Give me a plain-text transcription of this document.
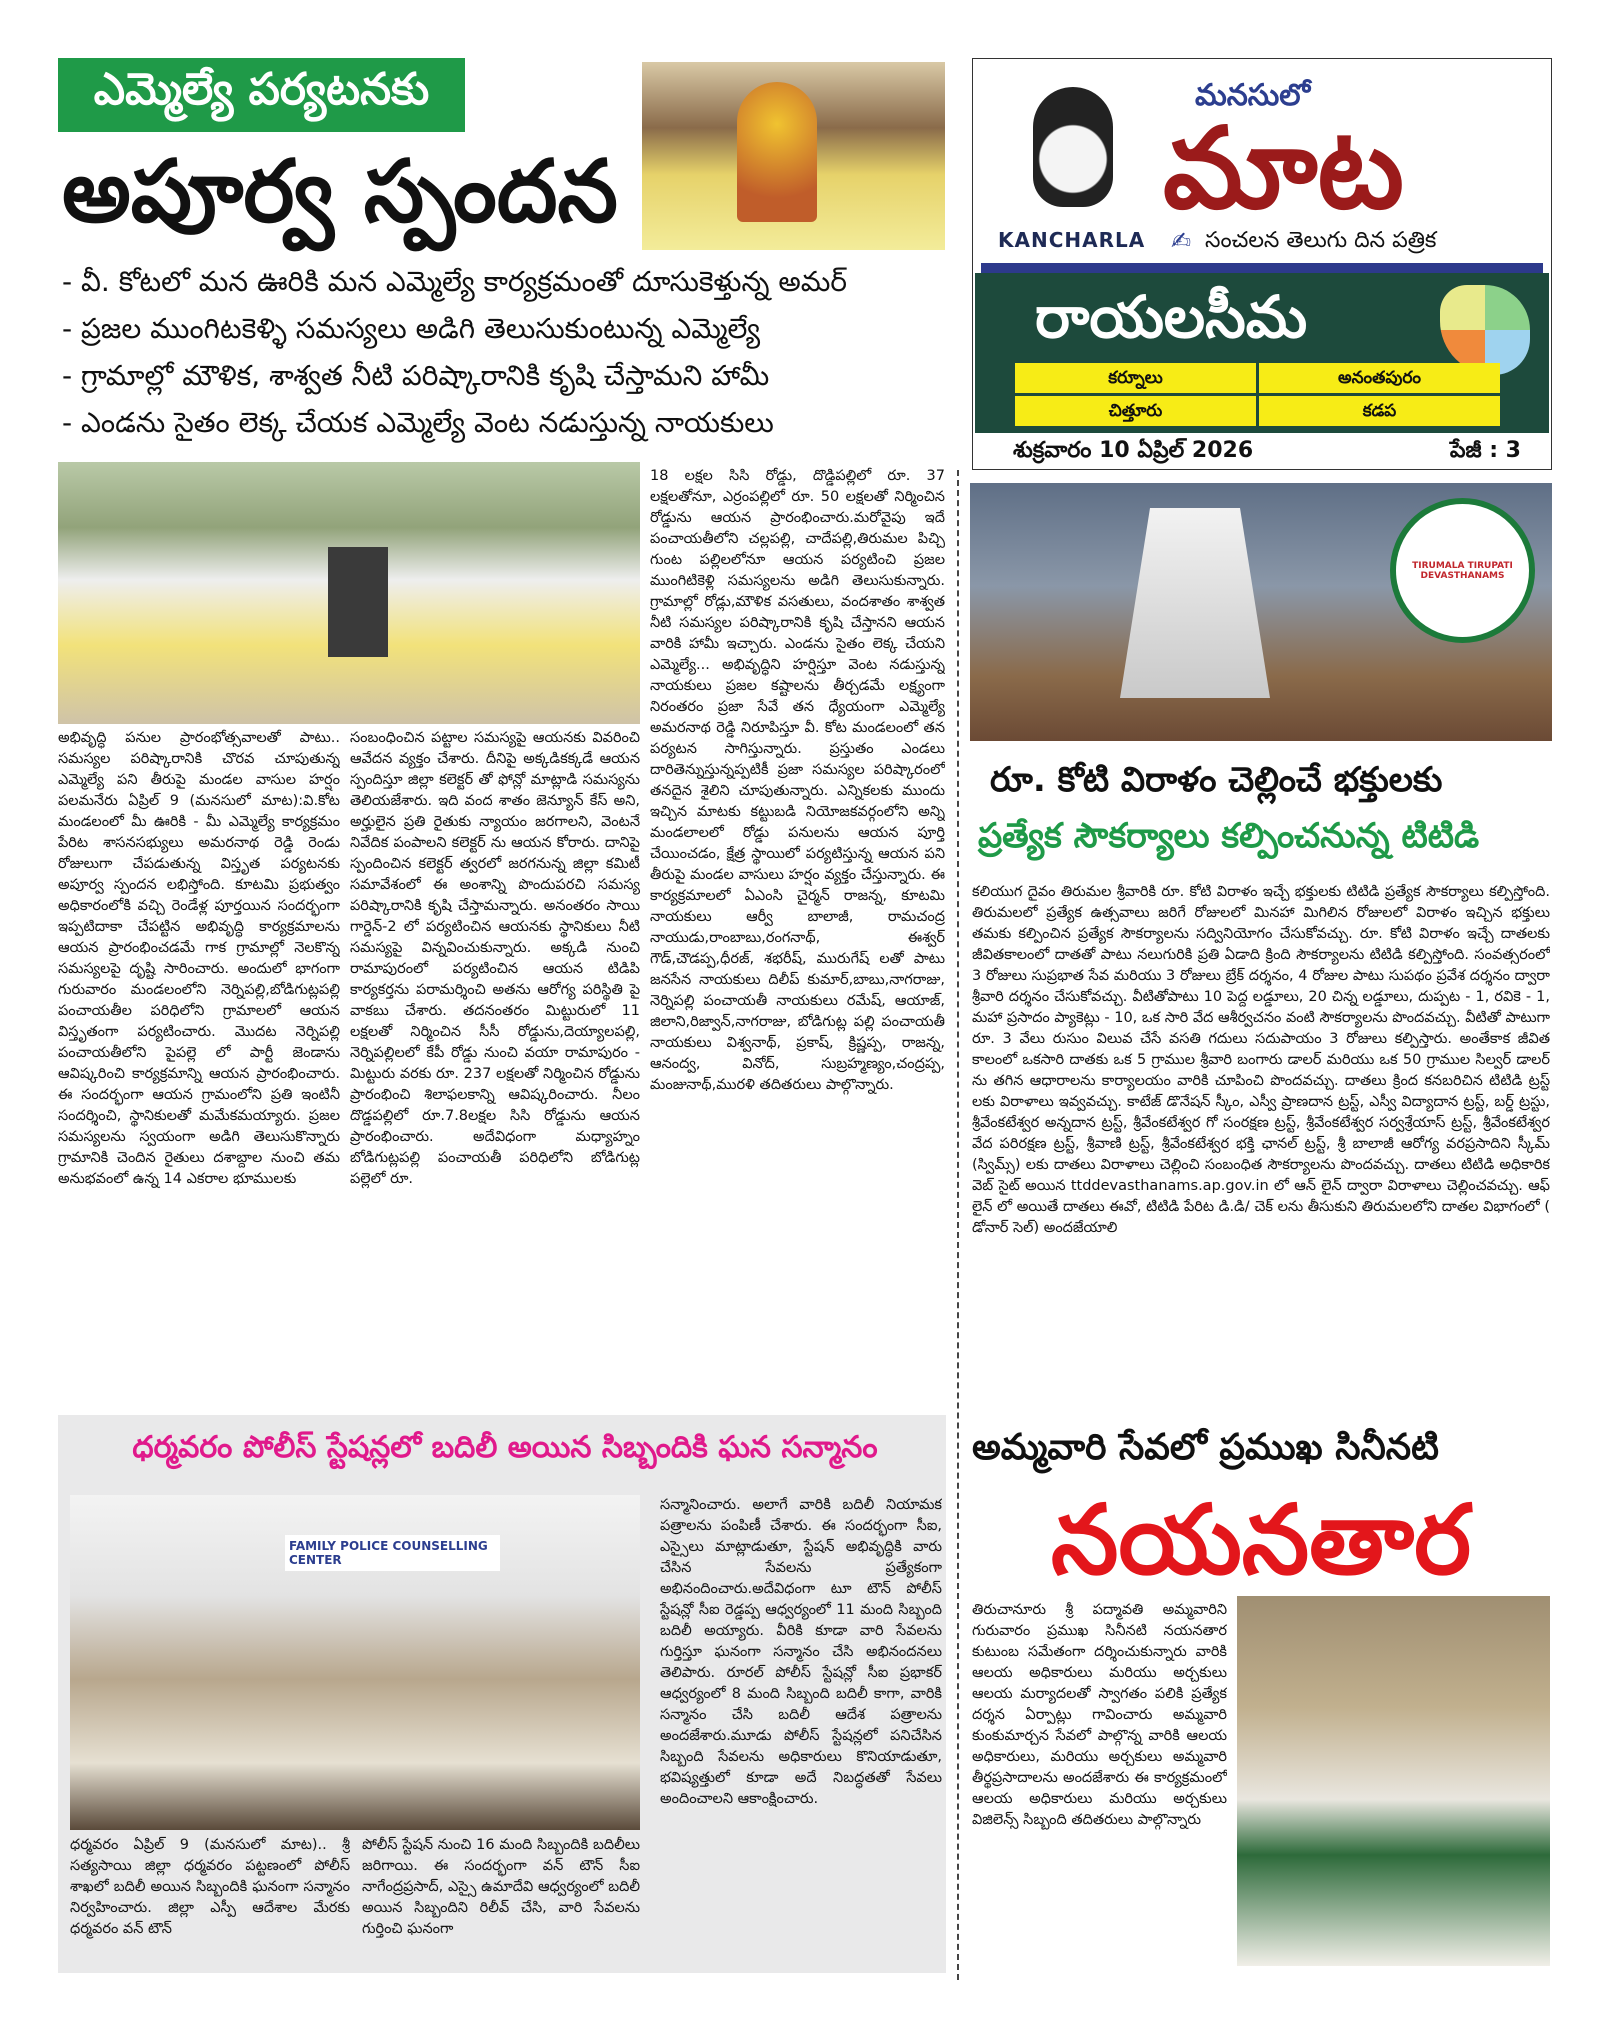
ఎమ్మెల్యే పర్యటనకు
అపూర్వ స్పందన
- వీ. కోటలో మన ఊరికి మన ఎమ్మెల్యే కార్యక్రమంతో దూసుకెళ్తున్న అమర్
- ప్రజల ముంగిటకెళ్ళి సమస్యలు అడిగి తెలుసుకుంటున్న ఎమ్మెల్యే
- గ్రామాల్లో మౌళిక, శాశ్వత నీటి పరిష్కారానికి కృషి చేస్తామని హామీ
- ఎండను సైతం లెక్క చేయక ఎమ్మెల్యే వెంట నడుస్తున్న నాయకులు
అభివృద్ధి పనుల ప్రారంభోత్సవాలతో పాటు.. సమస్యల పరిష్కారానికి చొరవ చూపుతున్న ఎమ్మెల్యే పని తీరుపై మండల వాసుల హర్షం పలమనేరు ఏప్రిల్ 9 (మనసులో మాట):వి.కోట మండలంలో మీ ఊరికి - మీ ఎమ్మెల్యే కార్యక్రమం పేరిట శాసనసభ్యులు అమరనాథ రెడ్డి రెండు రోజులుగా చేపడుతున్న విస్తృత పర్యటనకు అపూర్వ స్పందన లభిస్తోంది. కూటమి ప్రభుత్వం అధికారంలోకి వచ్చి రెండేళ్ల పూర్తయిన సందర్భంగా ఇప్పటిదాకా చేపట్టిన అభివృద్ధి కార్యక్రమాలను ఆయన ప్రారంభించడమే గాక గ్రామాల్లో నెలకొన్న సమస్యలపై దృష్టి సారించారు. అందులో భాగంగా గురువారం మండలంలోని నెర్నిపల్లి,బోడిగుట్లపల్లి పంచాయతీల పరిధిలోని గ్రామాలలో ఆయన విస్తృతంగా పర్యటించారు. మొదట నెర్నిపల్లి పంచాయతీలోని పైపల్లె లో పార్టీ జెండాను ఆవిష్కరించి కార్యక్రమాన్ని ఆయన ప్రారంభించారు. ఈ సందర్భంగా ఆయన గ్రామంలోని ప్రతి ఇంటినీ సందర్శించి, స్థానికులతో మమేకమయ్యారు. ప్రజల సమస్యలను స్వయంగా అడిగి తెలుసుకొన్నారు గ్రామానికి చెందిన రైతులు దశాబ్దాల నుంచి తమ అనుభవంలో ఉన్న 14 ఎకరాల భూములకు
సంబంధించిన పట్టాల సమస్యపై ఆయనకు వివరించి ఆవేదన వ్యక్తం చేశారు. దీనిపై అక్కడికక్కడే ఆయన స్పందిస్తూ జిల్లా కలెక్టర్ తో ఫోన్లో మాట్లాడి సమస్యను తెలియజేశారు. ఇది వంద శాతం జెన్యూన్ కేస్ అని, అర్హులైన ప్రతి రైతుకు న్యాయం జరగాలని, వెంటనే నివేదిక పంపాలని కలెక్టర్ ను ఆయన కోరారు. దానిపై స్పందించిన కలెక్టర్ త్వరలో జరగనున్న జిల్లా కమిటీ సమావేశంలో ఈ అంశాన్ని పొందుపరచి సమస్య పరిష్కారానికి కృషి చేస్తామన్నారు. అనంతరం సాయి గార్డెన్-2 లో పర్యటించిన ఆయనకు స్థానికులు నీటి సమస్యపై విన్నవించుకున్నారు. అక్కడి నుంచి రామాపురంలో పర్యటించిన ఆయన టిడిపి కార్యకర్తను పరామర్శించి అతను ఆరోగ్య పరిస్థితి పై వాకబు చేశారు. తదనంతరం మిట్టురులో 11 లక్షలతో నిర్మించిన సీసీ రోడ్డును,దెయ్యాలపల్లి, నెర్నిపల్లిలలో కేపీ రోడ్డు నుంచి వయా రామాపురం - మిట్టురు వరకు రూ. 237 లక్షలతో నిర్మించిన రోడ్డును ప్రారంభించి శిలాఫలకాన్ని ఆవిష్కరించారు. నీలం దొడ్డపల్లిలో రూ.7.8లక్షల సిసి రోడ్డును ఆయన ప్రారంభించారు. అదేవిధంగా మధ్యాహ్నం బోడిగుట్లపల్లి పంచాయతీ పరిధిలోని బోడిగుట్ల పల్లెలో రూ.
18 లక్షల సిసి రోడ్డు, దొడ్డిపల్లిలో రూ. 37 లక్షలతోనూ, ఎర్రంపల్లిలో రూ. 50 లక్షలతో నిర్మించిన రోడ్డును ఆయన ప్రారంభించారు.మరోవైపు ఇదే పంచాయతీలోని చల్లపల్లి, చాదేపల్లి,తిరుమల పిచ్చి గుంట పల్లిలలోనూ ఆయన పర్యటించి ప్రజల ముంగిటికెళ్లి సమస్యలను అడిగి తెలుసుకున్నారు. గ్రామాల్లో రోడ్లు,మౌళిక వసతులు, వందశాతం శాశ్వత నీటి సమస్యల పరిష్కారానికి కృషి చేస్తానని ఆయన వారికి హామీ ఇచ్చారు. ఎండను సైతం లెక్క చేయని ఎమ్మెల్యే... అభివృద్ధిని హర్షిస్తూ వెంట నడుస్తున్న నాయకులు ప్రజల కష్టాలను తీర్చడమే లక్ష్యంగా నిరంతరం ప్రజా సేవే తన ధ్యేయంగా ఎమ్మెల్యే అమరనాథ రెడ్డి నిరూపిస్తూ వీ. కోట మండలంలో తన పర్యటన సాగిస్తున్నారు. ప్రస్తుతం ఎండలు దారితెన్నుస్తున్నప్పటికీ ప్రజా సమస్యల పరిష్కారంలో తనదైన శైలిని చూపుతున్నారు. ఎన్నికలకు ముందు ఇచ్చిన మాటకు కట్టుబడి నియోజకవర్గంలోని అన్ని మండలాలలో రోడ్డు పనులను ఆయన పూర్తి చేయించడం, క్షేత్ర స్థాయిలో పర్యటిస్తున్న ఆయన పని తీరుపై మండల వాసులు హర్షం వ్యక్తం చేస్తున్నారు. ఈ కార్యక్రమాలలో ఏఎంసి చైర్మన్ రాజన్న, కూటమి నాయకులు ఆర్వీ బాలాజీ, రామచంద్ర నాయుడు,రాంబాబు,రంగనాథ్, ఈశ్వర్ గౌడ్,చౌడప్ప,ధీరజ్, శభరీష్, మురుగేష్ లతో పాటు జనసేన నాయకులు దిలీప్ కుమార్,బాబు,నాగరాజు, నెర్నిపల్లి పంచాయతీ నాయకులు రమేష్, ఆయాజ్, జిలాని,రిజ్వాన్,నాగరాజు, బోడిగుట్ల పల్లి పంచాయతీ నాయకులు విశ్వనాథ్, ప్రకాష్, క్రిష్ణప్ప, రాజన్న, ఆనంద్వ, వినోద్, సుబ్రహ్మణ్యం,చంద్రప్ప, మంజునాథ్,మురళి తదితరులు పాల్గొన్నారు.
KANCHARLA
మనసులో
మాట
✍ సంచలన తెలుగు దిన పత్రిక
రాయలసీమ
కర్నూలు	అనంతపురం
చిత్తూరు	కడప
శుక్రవారం 10 ఏప్రిల్ 2026	పేజీ : 3
TIRUMALA TIRUPATI DEVASTHANAMS
రూ. కోటి విరాళం చెల్లించే భక్తులకు
ప్రత్యేక సౌకర్యాలు కల్పించనున్న టిటిడి
కలియుగ దైవం తిరుమల శ్రీవారికి రూ. కోటి విరాళం ఇచ్చే భక్తులకు టిటిడి ప్రత్యేక సౌకర్యాలు కల్పిస్తోంది. తిరుమలలో ప్రత్యేక ఉత్సవాలు జరిగే రోజులలో మినహా మిగిలిన రోజులలో విరాళం ఇచ్చిన భక్తులు తమకు కల్పించిన ప్రత్యేక సౌకర్యాలను సద్వినియోగం చేసుకోవచ్చు. రూ. కోటి విరాళం ఇచ్చే దాతలకు జీవితకాలంలో దాతతో పాటు నలుగురికి ప్రతి ఏడాది క్రింది సౌకర్యాలను టిటిడి కల్పిస్తోంది. సంవత్సరంలో 3 రోజులు సుప్రభాత సేవ మరియు 3 రోజులు బ్రేక్ దర్శనం, 4 రోజుల పాటు సుపథం ప్రవేశ దర్శనం ద్వారా శ్రీవారి దర్శనం చేసుకోవచ్చు. వీటితోపాటు 10 పెద్ద లడ్డూలు, 20 చిన్న లడ్డూలు, దుప్పట - 1, రవికె - 1, మహా ప్రసాదం ప్యాకెట్లు - 10, ఒక సారి వేద ఆశీర్వచనం వంటి సౌకర్యాలను పొందవచ్చు. వీటితో పాటుగా రూ. 3 వేలు రుసుం విలువ చేసే వసతి గదులు సదుపాయం 3 రోజులు కల్పిస్తారు. అంతేకాక జీవిత కాలంలో ఒకసారి దాతకు ఒక 5 గ్రాముల శ్రీవారి బంగారు డాలర్ మరియు ఒక 50 గ్రాముల సిల్వర్ డాలర్ ను తగిన ఆధారాలను కార్యాలయం వారికి చూపించి పొందవచ్చు. దాతలు క్రింద కనబరిచిన టిటిడి ట్రస్ట్ లకు విరాళాలు ఇవ్వవచ్చు. కాటేజ్ డొనేషన్ స్కీం, ఎస్వీ ప్రాణదాన ట్రస్ట్, ఎస్వీ విద్యాదాన ట్రస్ట్, బర్డ్ ట్రస్టు, శ్రీవేంకటేశ్వర అన్నదాన ట్రస్ట్, శ్రీవేంకటేశ్వర గో సంరక్షణ ట్రస్ట్, శ్రీవేంకటేశ్వర సర్వశ్రేయాస్ ట్రస్ట్, శ్రీవేంకటేశ్వర వేద పరిరక్షణ ట్రస్ట్, శ్రీవాణి ట్రస్ట్, శ్రీవేంకటేశ్వర భక్తి ఛానల్ ట్రస్ట్, శ్రీ బాలాజీ ఆరోగ్య వరప్రసాదిని స్కీమ్ (స్విమ్స్) లకు దాతలు విరాళాలు చెల్లించి సంబంధిత సౌకర్యాలను పొందవచ్చు. దాతలు టిటిడి అధికారిక వెబ్ సైట్ అయిన ttddevasthanams.ap.gov.in లో ఆన్ లైన్ ద్వారా విరాళాలు చెల్లించవచ్చు. ఆఫ్ లైన్ లో అయితే దాతలు ఈవో, టిటిడి పేరిట డి.డి/ చెక్ లను తీసుకుని తిరుమలలోని దాతల విభాగంలో ( డోనార్ సెల్) అందజేయాలి
ధర్మవరం పోలీస్ స్టేషన్లలో బదిలీ అయిన సిబ్బందికి ఘన సన్మానం
FAMILY POLICE COUNSELLING CENTER
ధర్మవరం ఏప్రిల్ 9 (మనసులో మాట).. శ్రీ సత్యసాయి జిల్లా ధర్మవరం పట్టణంలో పోలీస్ శాఖలో బదిలీ అయిన సిబ్బందికి ఘనంగా సన్మానం నిర్వహించారు. జిల్లా ఎస్పీ ఆదేశాల మేరకు ధర్మవరం వన్ టౌన్
పోలీస్ స్టేషన్ నుంచి 16 మంది సిబ్బందికి బదిలీలు జరిగాయి. ఈ సందర్భంగా వన్ టౌన్ సీఐ నాగేంద్రప్రసాద్, ఎస్సై ఉమాదేవి ఆధ్వర్యంలో బదిలీ అయిన సిబ్బందిని రిలీవ్ చేసి, వారి సేవలను గుర్తించి ఘనంగా
సన్మానించారు. అలాగే వారికి బదిలీ నియామక పత్రాలను పంపిణీ చేశారు. ఈ సందర్భంగా సీఐ, ఎస్సైలు మాట్లాడుతూ, స్టేషన్ అభివృద్ధికి వారు చేసిన సేవలను ప్రత్యేకంగా అభినందించారు.అదేవిధంగా టూ టౌన్ పోలీస్ స్టేషన్లో సీఐ రెడ్డప్ప ఆధ్వర్యంలో 11 మంది సిబ్బంది బదిలీ అయ్యారు. వీరికి కూడా వారి సేవలను గుర్తిస్తూ ఘనంగా సన్మానం చేసి అభినందనలు తెలిపారు. రూరల్ పోలీస్ స్టేషన్లో సీఐ ప్రభాకర్ ఆధ్వర్యంలో 8 మంది సిబ్బంది బదిలీ కాగా, వారికి సన్మానం చేసి బదిలీ ఆదేశ పత్రాలను అందజేశారు.మూడు పోలీస్ స్టేషన్లలో పనిచేసిన సిబ్బంది సేవలను అధికారులు కొనియాడుతూ, భవిష్యత్తులో కూడా అదే నిబద్ధతతో సేవలు అందించాలని ఆకాంక్షించారు.
అమ్మవారి సేవలో ప్రముఖ సినీనటి
నయనతార
తిరుచానూరు శ్రీ పద్మావతి అమ్మవారిని గురువారం ప్రముఖ సినీనటి నయనతార కుటుంబ సమేతంగా దర్శించుకున్నారు వారికి ఆలయ అధికారులు మరియు అర్చకులు ఆలయ మర్యాదలతో స్వాగతం పలికి ప్రత్యేక దర్శన ఏర్పాట్లు గావించారు అమ్మవారి కుంకుమార్చన సేవలో పాల్గొన్న వారికి ఆలయ అధికారులు, మరియు అర్చకులు అమ్మవారి తీర్థప్రసాదాలను అందజేశారు ఈ కార్యక్రమంలో ఆలయ అధికారులు మరియు అర్చకులు విజిలెన్స్ సిబ్బంది తదితరులు పాల్గొన్నారు
